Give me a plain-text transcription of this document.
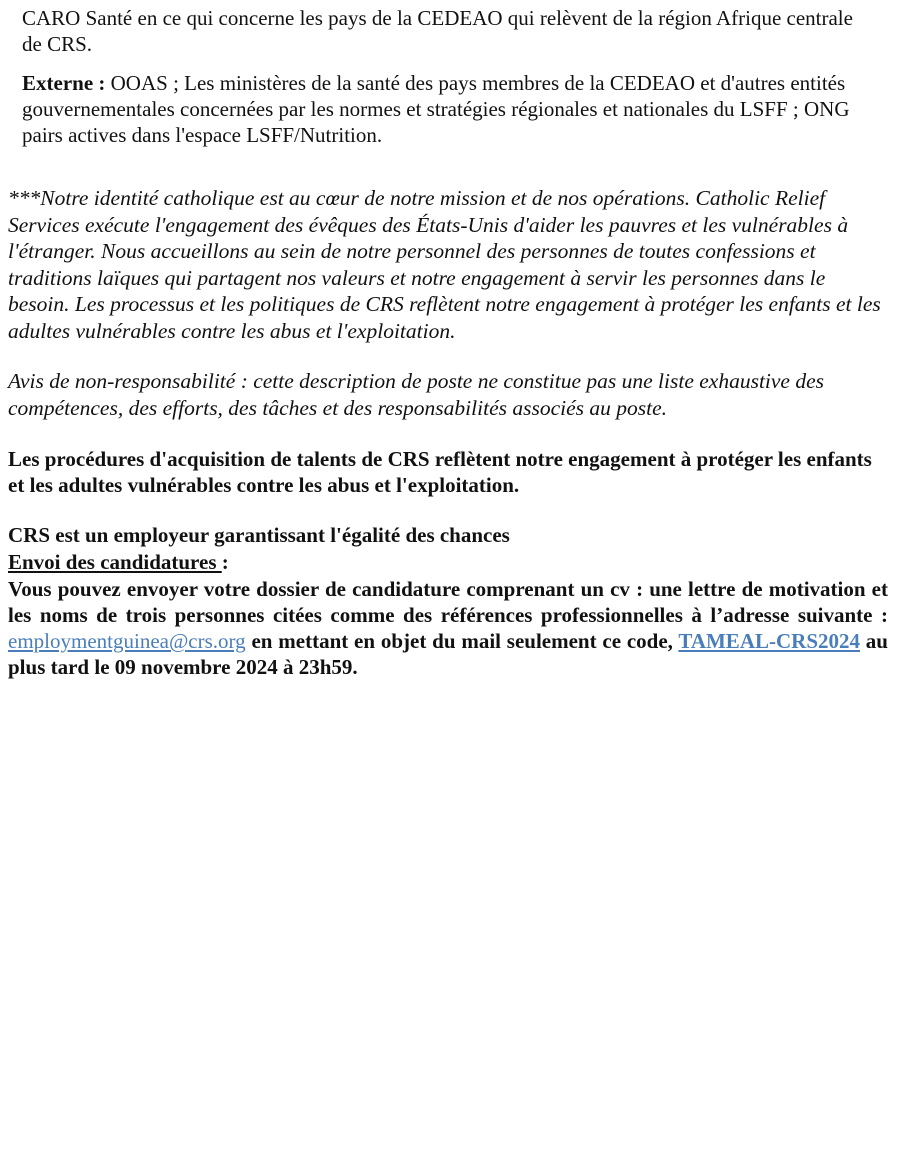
CARO Santé en ce qui concerne les pays de la CEDEAO qui relèvent de la région Afrique centrale de CRS.

Externe : OOAS ; Les ministères de la santé des pays membres de la CEDEAO et d'autres entités gouvernementales concernées par les normes et stratégies régionales et nationales du LSFF ; ONG pairs actives dans l'espace LSFF/Nutrition.

***Notre identité catholique est au cœur de notre mission et de nos opérations. Catholic Relief Services exécute l'engagement des évêques des États-Unis d'aider les pauvres et les vulnérables à l'étranger. Nous accueillons au sein de notre personnel des personnes de toutes confessions et traditions laïques qui partagent nos valeurs et notre engagement à servir les personnes dans le besoin. Les processus et les politiques de CRS reflètent notre engagement à protéger les enfants et les adultes vulnérables contre les abus et l'exploitation.

Avis de non-responsabilité : cette description de poste ne constitue pas une liste exhaustive des compétences, des efforts, des tâches et des responsabilités associés au poste.

Les procédures d'acquisition de talents de CRS reflètent notre engagement à protéger les enfants et les adultes vulnérables contre les abus et l'exploitation.

CRS est un employeur garantissant l'égalité des chances

Envoi des candidatures :

Vous pouvez envoyer votre dossier de candidature comprenant un cv : une lettre de motivation et les noms de trois personnes citées comme des références professionnelles à l’adresse suivante : employmentguinea@crs.org en mettant en objet du mail seulement ce code, TAMEAL-CRS2024 au plus tard le 09 novembre 2024 à 23h59.
